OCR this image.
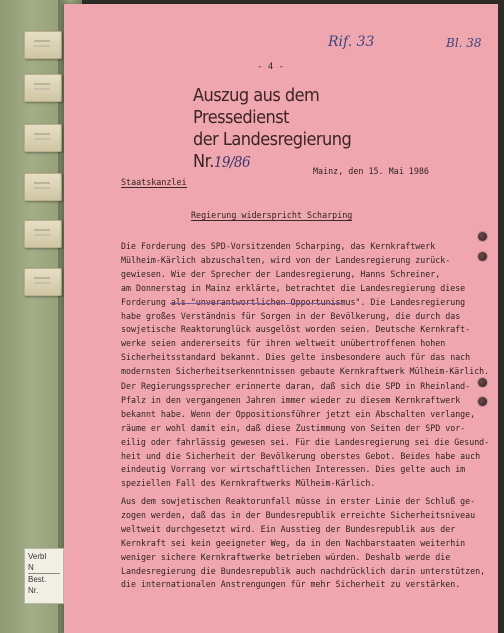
Rif. 33	Bl. 38
- 4 -
Auszug aus dem Pressedienst
der Landesregierung Nr.19/86	Mainz, den 15. Mai 1986
Staatskanzlei
Regierung widerspricht Scharping
Die Forderung des SPD-Vorsitzenden Scharping, das Kernkraftwerk
Mülheim-Kärlich abzuschalten, wird von der Landesregierung zurück-
gewiesen. Wie der Sprecher der Landesregierung, Hanns Schreiner,
am Donnerstag in Mainz erklärte, betrachtet die Landesregierung diese
Forderung als "unverantwortlichen Opportunismus". Die Landesregierung
habe großes Verständnis für Sorgen in der Bevölkerung, die durch das
sowjetische Reaktorunglück ausgelöst worden seien. Deutsche Kernkraft-
werke seien andererseits für ihren weltweit unübertroffenen hohen
Sicherheitsstandard bekannt. Dies gelte insbesondere auch für das nach
modernsten Sicherheitserkenntnissen gebaute Kernkraftwerk Mülheim-Kärlich.
Der Regierungssprecher erinnerte daran, daß sich die SPD in Rheinland-
Pfalz in den vergangenen Jahren immer wieder zu diesem Kernkraftwerk
bekannt habe. Wenn der Oppositionsführer jetzt ein Abschalten verlange,
räume er wohl damit ein, daß diese Zustimmung von Seiten der SPD vor-
eilig oder fahrlässig gewesen sei. Für die Landesregierung sei die Gesund-
heit und die Sicherheit der Bevölkerung oberstes Gebot. Beides habe auch
eindeutig Vorrang vor wirtschaftlichen Interessen. Dies gelte auch im
speziellen Fall des Kernkraftwerks Mülheim-Kärlich.
Aus dem sowjetischen Reaktorunfall müsse in erster Linie der Schluß ge-
zogen werden, daß das in der Bundesrepublik erreichte Sicherheitsniveau
weltweit durchgesetzt wird. Ein Ausstieg der Bundesrepublik aus der
Kernkraft sei kein geeigneter Weg, da in den Nachbarstaaten weiterhin
weniger sichere Kernkraftwerke betrieben würden. Deshalb werde die
Landesregierung die Bundesrepublik auch nachdrücklich darin unterstützen,
die internationalen Anstrengungen für mehr Sicherheit zu verstärken.
Verbl
N
Best.
Nr.
